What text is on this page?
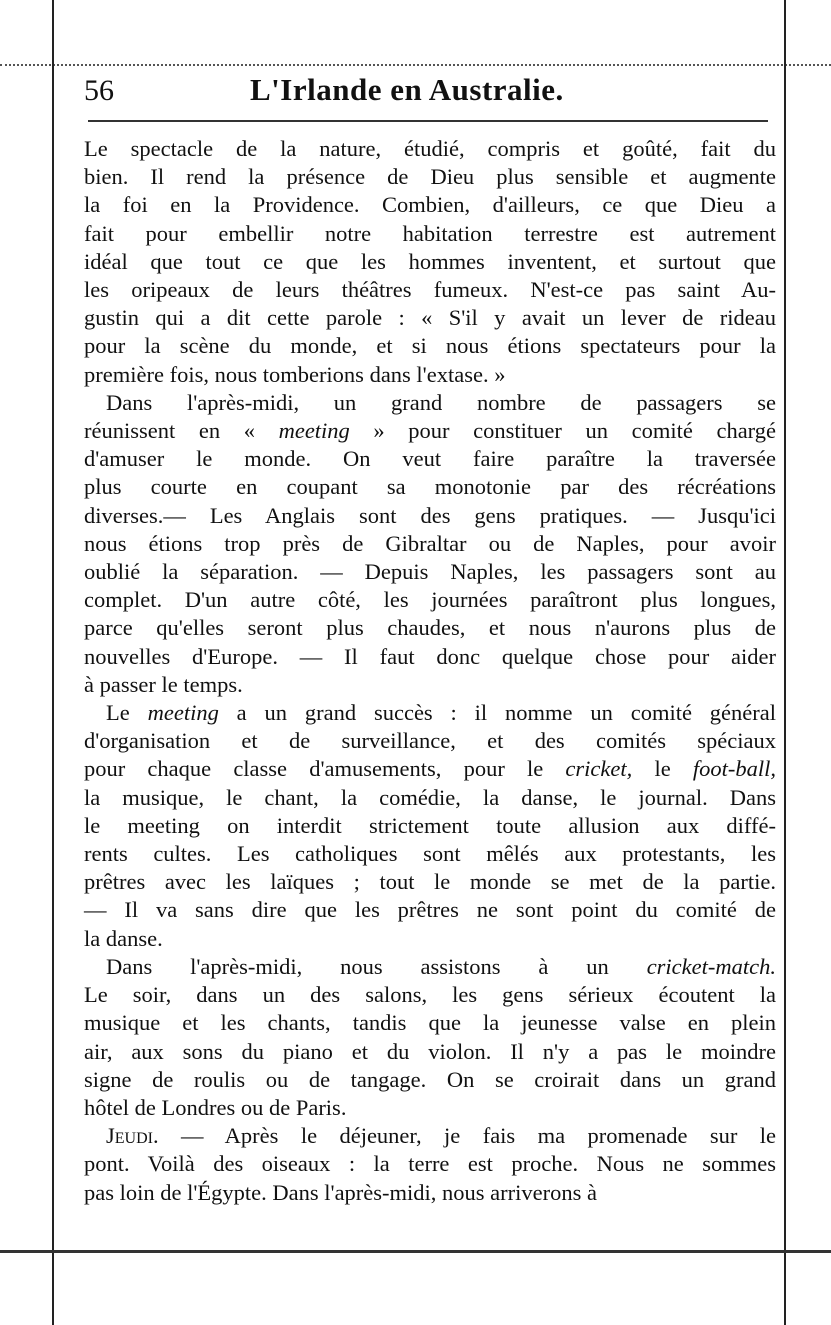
56	L'Irlande en Australie.
Le spectacle de la nature, étudié, compris et goûté, fait du
bien. Il rend la présence de Dieu plus sensible et augmente
la foi en la Providence. Combien, d'ailleurs, ce que Dieu a
fait pour embellir notre habitation terrestre est autrement
idéal que tout ce que les hommes inventent, et surtout que
les oripeaux de leurs théâtres fumeux. N'est-ce pas saint Au-
gustin qui a dit cette parole : « S'il y avait un lever de rideau
pour la scène du monde, et si nous étions spectateurs pour la
première fois, nous tomberions dans l'extase. »
Dans l'après-midi, un grand nombre de passagers se
réunissent en « meeting » pour constituer un comité chargé
d'amuser le monde. On veut faire paraître la traversée
plus courte en coupant sa monotonie par des récréations
diverses.— Les Anglais sont des gens pratiques. — Jusqu'ici
nous étions trop près de Gibraltar ou de Naples, pour avoir
oublié la séparation. — Depuis Naples, les passagers sont au
complet. D'un autre côté, les journées paraîtront plus longues,
parce qu'elles seront plus chaudes, et nous n'aurons plus de
nouvelles d'Europe. — Il faut donc quelque chose pour aider
à passer le temps.
Le meeting a un grand succès : il nomme un comité général
d'organisation et de surveillance, et des comités spéciaux
pour chaque classe d'amusements, pour le cricket, le foot-ball,
la musique, le chant, la comédie, la danse, le journal. Dans
le meeting on interdit strictement toute allusion aux diffé-
rents cultes. Les catholiques sont mêlés aux protestants, les
prêtres avec les laïques ; tout le monde se met de la partie.
— Il va sans dire que les prêtres ne sont point du comité de
la danse.
Dans l'après-midi, nous assistons à un cricket-match.
Le soir, dans un des salons, les gens sérieux écoutent la
musique et les chants, tandis que la jeunesse valse en plein
air, aux sons du piano et du violon. Il n'y a pas le moindre
signe de roulis ou de tangage. On se croirait dans un grand
hôtel de Londres ou de Paris.
Jeudi. — Après le déjeuner, je fais ma promenade sur le
pont. Voilà des oiseaux : la terre est proche. Nous ne sommes
pas loin de l'Égypte. Dans l'après-midi, nous arriverons à
